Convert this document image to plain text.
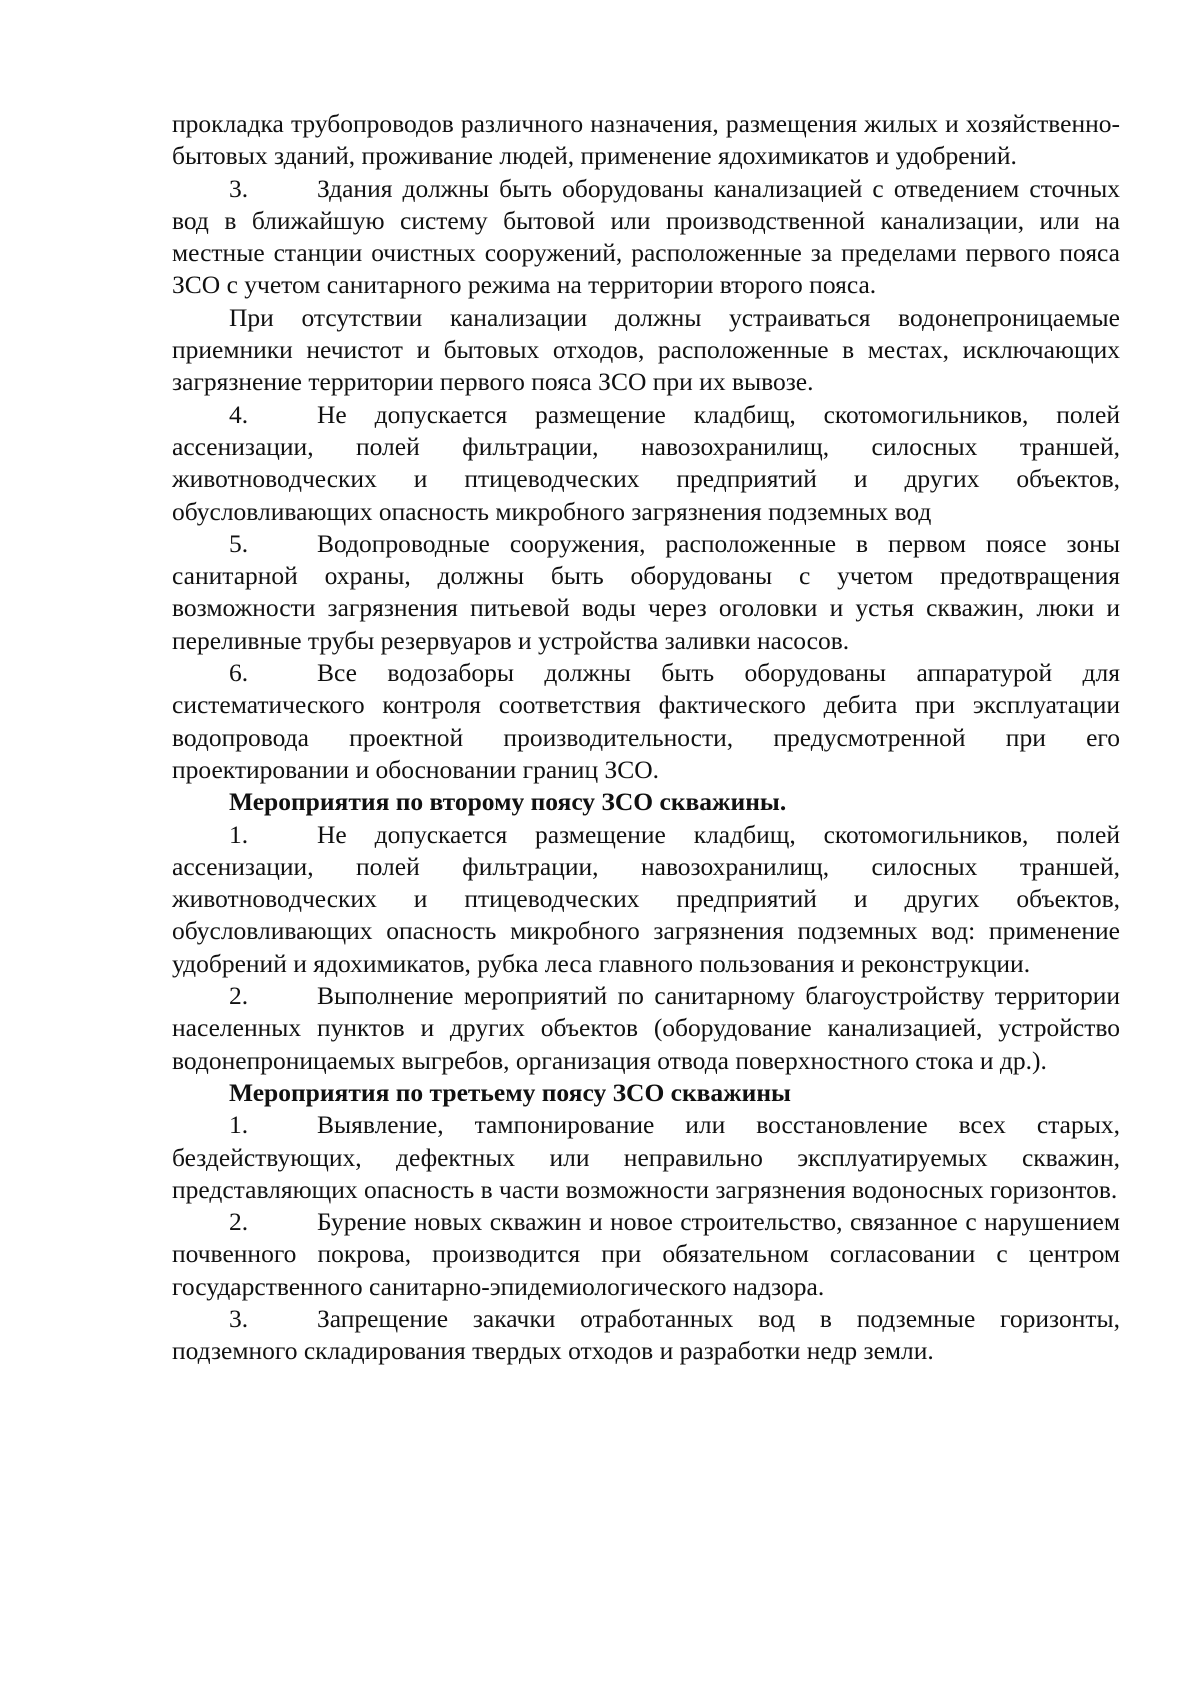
прокладка трубопроводов различного назначения, размещения жилых и хозяйственно-бытовых зданий, проживание людей, применение ядохимикатов и удобрений.

3.	Здания должны быть оборудованы канализацией с отведением сточных вод в ближайшую систему бытовой или производственной канализации, или на местные станции очистных сооружений, расположенные за пределами первого пояса ЗСО с учетом санитарного режима на территории второго пояса.

При отсутствии канализации должны устраиваться водонепроницаемые приемники нечистот и бытовых отходов, расположенные в местах, исключающих загрязнение территории первого пояса ЗСО при их вывозе.

4.	Не допускается размещение кладбищ, скотомогильников, полей ассенизации, полей фильтрации, навозохранилищ, силосных траншей, животноводческих и птицеводческих предприятий и других объектов, обусловливающих опасность микробного загрязнения подземных вод

5.	Водопроводные сооружения, расположенные в первом поясе зоны санитарной охраны, должны быть оборудованы с учетом предотвращения возможности загрязнения питьевой воды через оголовки и устья скважин, люки и переливные трубы резервуаров и устройства заливки насосов.

6.	Все водозаборы должны быть оборудованы аппаратурой для систематического контроля соответствия фактического дебита при эксплуатации водопровода проектной производительности, предусмотренной при его проектировании и обосновании границ ЗСО.

Мероприятия по второму поясу ЗСО скважины.

1.	Не допускается размещение кладбищ, скотомогильников, полей ассенизации, полей фильтрации, навозохранилищ, силосных траншей, животноводческих и птицеводческих предприятий и других объектов, обусловливающих опасность микробного загрязнения подземных вод: применение удобрений и ядохимикатов, рубка леса главного пользования и реконструкции.

2.	Выполнение мероприятий по санитарному благоустройству территории населенных пунктов и других объектов (оборудование канализацией, устройство водонепроницаемых выгребов, организация отвода поверхностного стока и др.).

Мероприятия по третьему поясу ЗСО скважины

1.	Выявление, тампонирование или восстановление всех старых, бездействующих, дефектных или неправильно эксплуатируемых скважин, представляющих опасность в части возможности загрязнения водоносных горизонтов.

2.	Бурение новых скважин и новое строительство, связанное с нарушением почвенного покрова, производится при обязательном согласовании с центром государственного санитарно-эпидемиологического надзора.

3.	Запрещение закачки отработанных вод в подземные горизонты, подземного складирования твердых отходов и разработки недр земли.
